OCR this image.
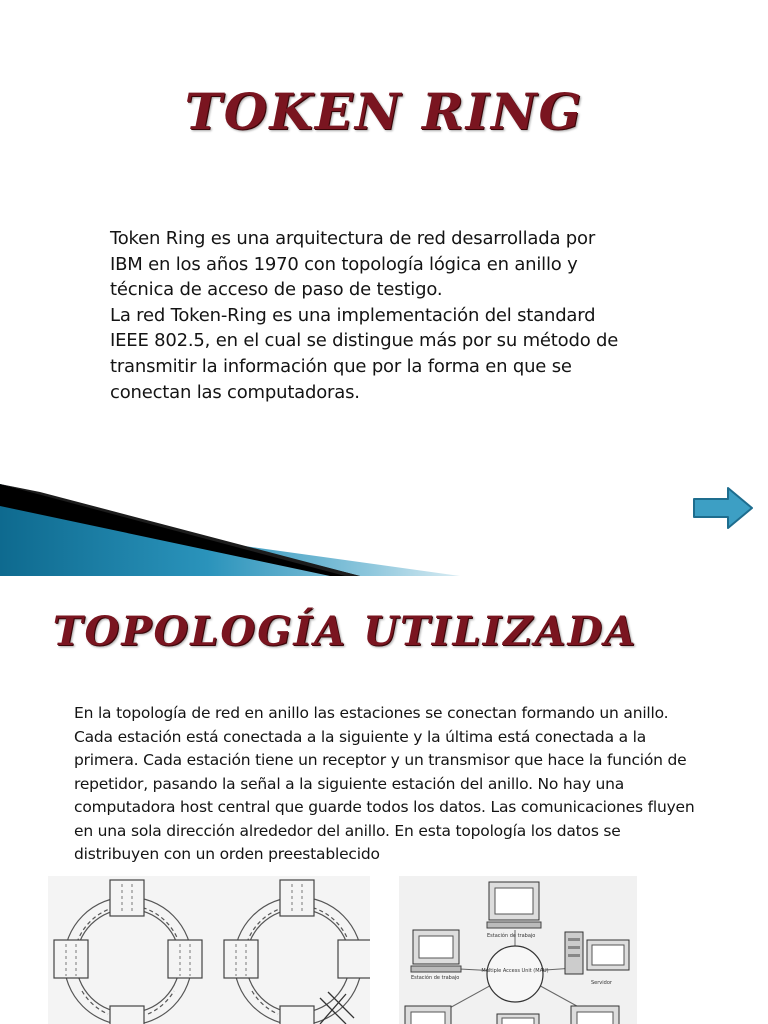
TOKEN RING

Token Ring es una arquitectura de red desarrollada por IBM en los años 1970 con topología lógica en anillo y técnica de acceso de paso de testigo.

La red Token-Ring es una implementación del standard IEEE 802.5, en el cual se distingue más por su método de transmitir la información que por la forma en que se conectan las computadoras.

TOPOLOGÍA UTILIZADA

En la topología de red en anillo las estaciones se conectan formando un anillo. Cada estación está conectada a la siguiente y la última está conectada a la primera. Cada estación tiene un receptor y un transmisor que hace la función de repetidor, pasando la señal a la siguiente estación del anillo. No hay una computadora host central que guarde todos los datos. Las comunicaciones fluyen en una sola dirección alrededor del anillo. En esta topología los datos se distribuyen con un orden preestablecido

Estación de trabajo
Estación de trabajo
Multiple Access Unit (MAU)
Servidor
